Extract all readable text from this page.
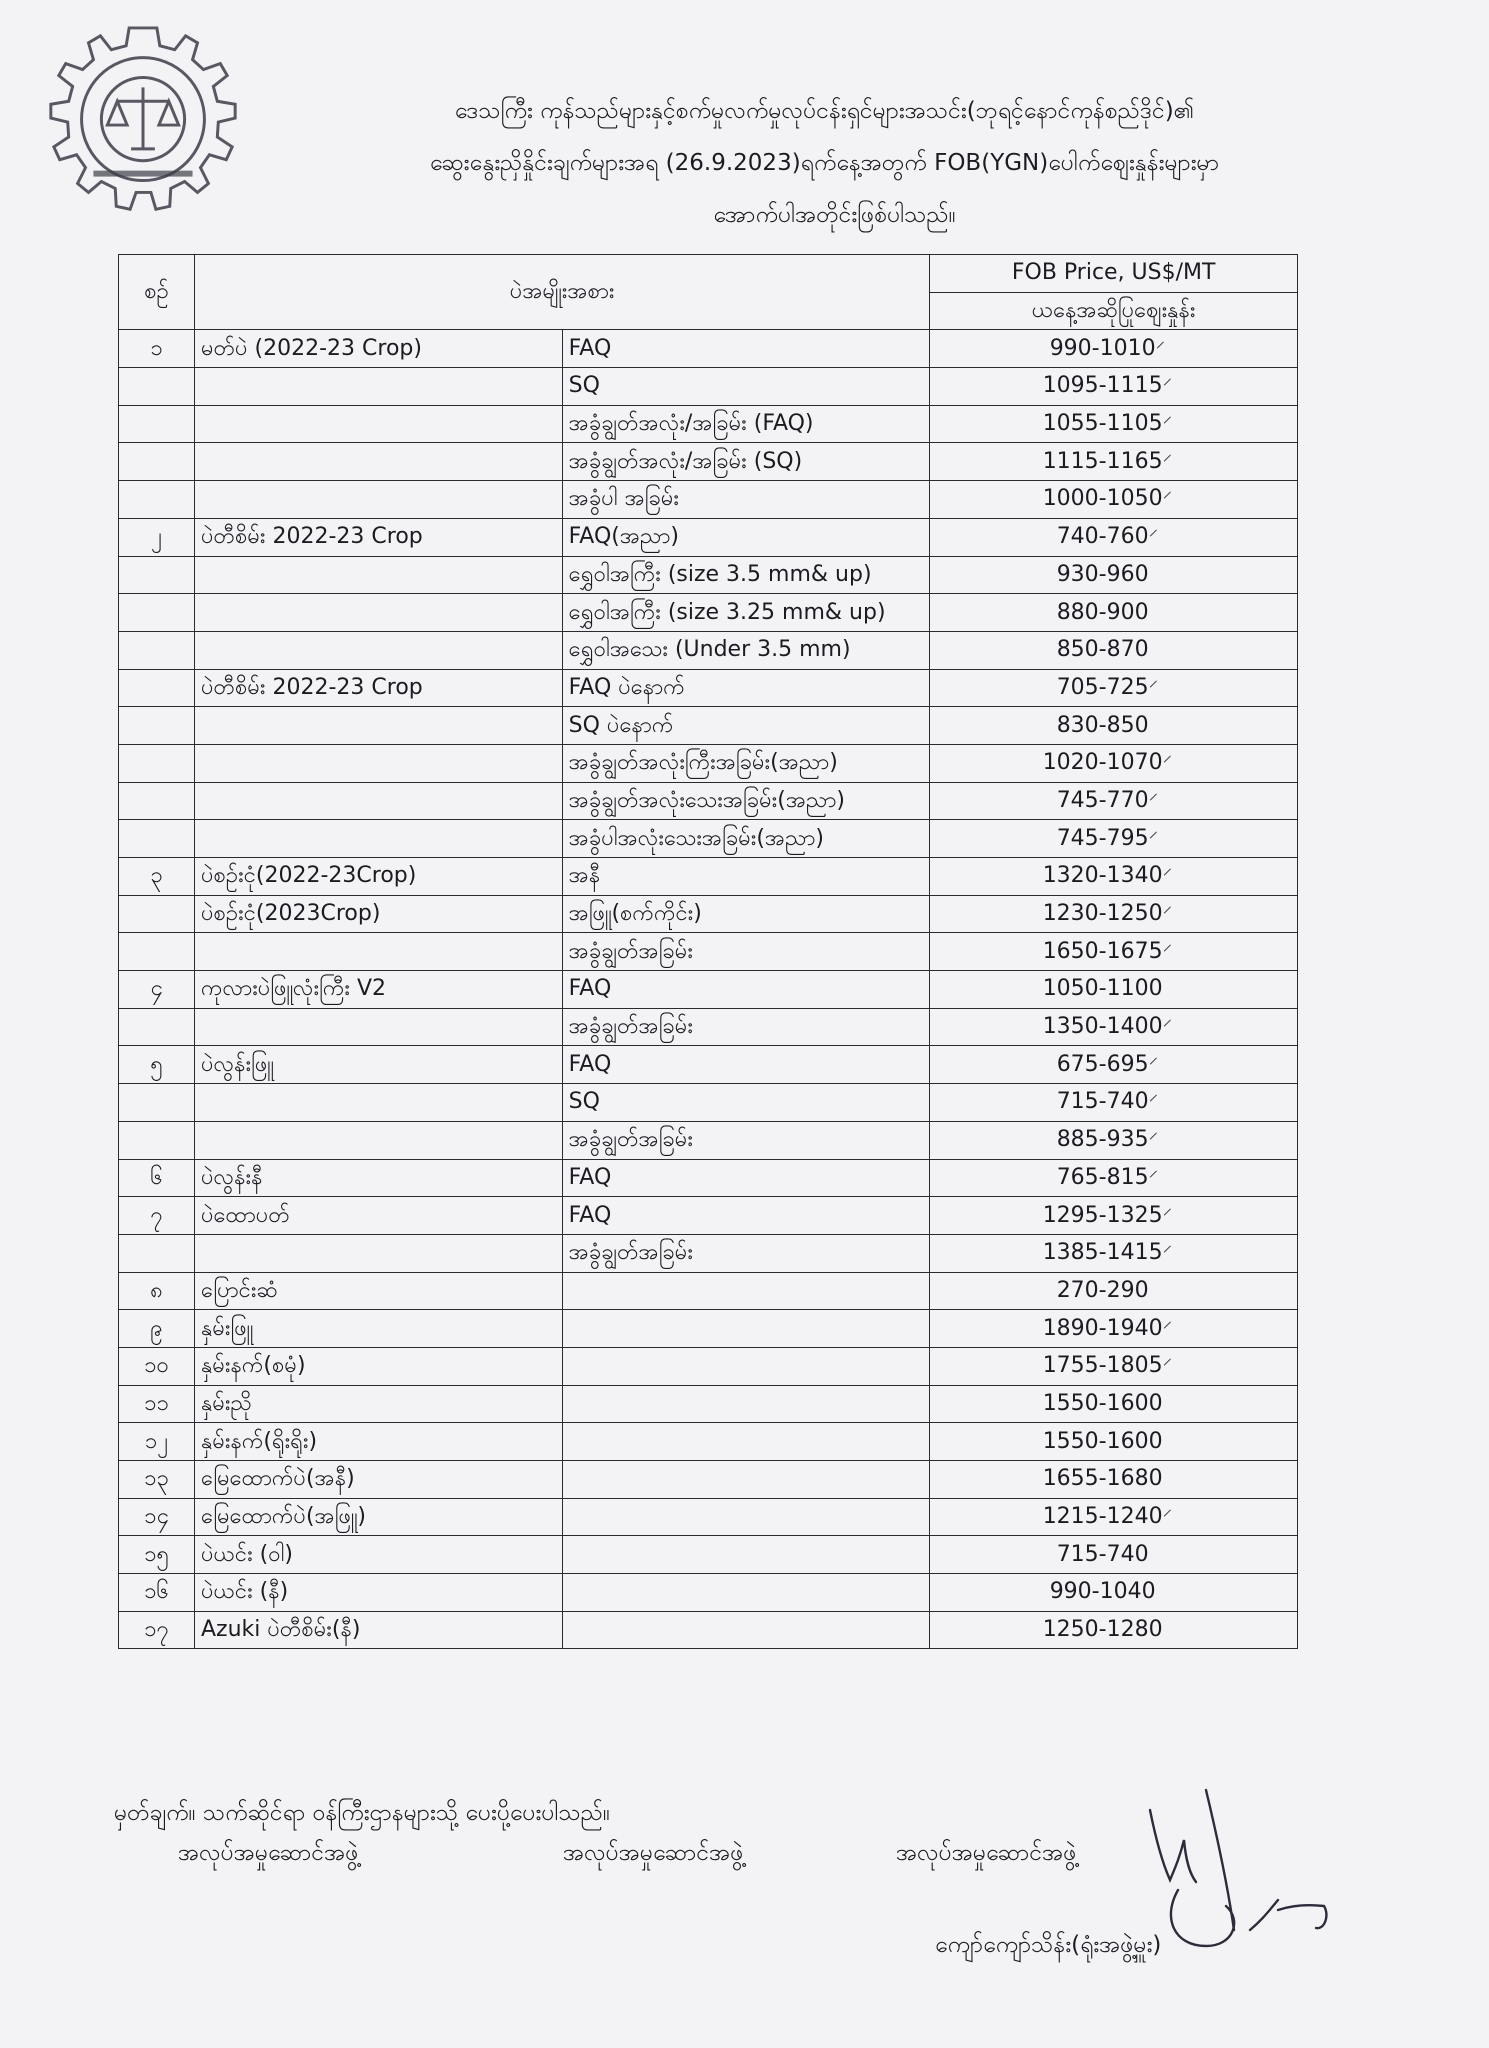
ဒေသကြီး ကုန်သည်များနှင့်စက်မှုလက်မှုလုပ်ငန်းရှင်များအသင်း(ဘုရင့်နောင်ကုန်စည်ဒိုင်)၏
ဆွေးနွေးညှိနှိုင်းချက်များအရ (26.9.2023)ရက်နေ့အတွက် FOB(YGN)ပေါက်ဈေးနှုန်းများမှာ
အောက်ပါအတိုင်းဖြစ်ပါသည်။
စဉ်	ပဲအမျိုးအစား		FOB Price, US$/MT
			ယနေ့အဆိုပြုဈေးနှုန်း
၁	မတ်ပဲ (2022-23 Crop)	FAQ	990-1010⸍
		SQ	1095-1115⸍
		အခွံချွတ်အလုံး/အခြမ်း (FAQ)	1055-1105⸍
		အခွံချွတ်အလုံး/အခြမ်း (SQ)	1115-1165⸍
		အခွံပါ အခြမ်း	1000-1050⸍
၂	ပဲတီစိမ်း 2022-23 Crop	FAQ(အညာ)	740-760⸍
		ရွှေဝါအကြီး (size 3.5 mm& up)	930-960
		ရွှေဝါအကြီး (size 3.25 mm& up)	880-900
		ရွှေဝါအသေး (Under 3.5 mm)	850-870
	ပဲတီစိမ်း 2022-23 Crop	FAQ ပဲနောက်	705-725⸍
		SQ ပဲနောက်	830-850
		အခွံချွတ်အလုံးကြီးအခြမ်း(အညာ)	1020-1070⸍
		အခွံချွတ်အလုံးသေးအခြမ်း(အညာ)	745-770⸍
		အခွံပါအလုံးသေးအခြမ်း(အညာ)	745-795⸍
၃	ပဲစဉ်းငုံ(2022-23Crop)	အနီ	1320-1340⸍
	ပဲစဉ်းငုံ(2023Crop)	အဖြူ(စက်ကိုင်း)	1230-1250⸍
		အခွံချွတ်အခြမ်း	1650-1675⸍
၄	ကုလားပဲဖြူလုံးကြီး V2	FAQ	1050-1100
		အခွံချွတ်အခြမ်း	1350-1400⸍
၅	ပဲလွန်းဖြူ	FAQ	675-695⸍
		SQ	715-740⸍
		အခွံချွတ်အခြမ်း	885-935⸍
၆	ပဲလွန်းနီ	FAQ	765-815⸍
၇	ပဲထောပတ်	FAQ	1295-1325⸍
		အခွံချွတ်အခြမ်း	1385-1415⸍
၈	ပြောင်းဆံ		270-290
၉	နှမ်းဖြူ		1890-1940⸍
၁၀	နှမ်းနက်(စမုံ)		1755-1805⸍
၁၁	နှမ်းညို		1550-1600
၁၂	နှမ်းနက်(ရိုးရိုး)		1550-1600
၁၃	မြေထောက်ပဲ(အနီ)		1655-1680
၁၄	မြေထောက်ပဲ(အဖြူ)		1215-1240⸍
၁၅	ပဲယင်း (ဝါ)		715-740
၁၆	ပဲယင်း (နီ)		990-1040
၁၇	Azuki ပဲတီစိမ်း(နီ)		1250-1280
မှတ်ချက်။ သက်ဆိုင်ရာ ဝန်ကြီးဌာနများသို့ ပေးပို့ပေးပါသည်။
အလုပ်အမှုဆောင်အဖွဲ့	အလုပ်အမှုဆောင်အဖွဲ့	အလုပ်အမှုဆောင်အဖွဲ့
ကျော်ကျော်သိန်း(ရုံးအဖွဲ့မှူး)
